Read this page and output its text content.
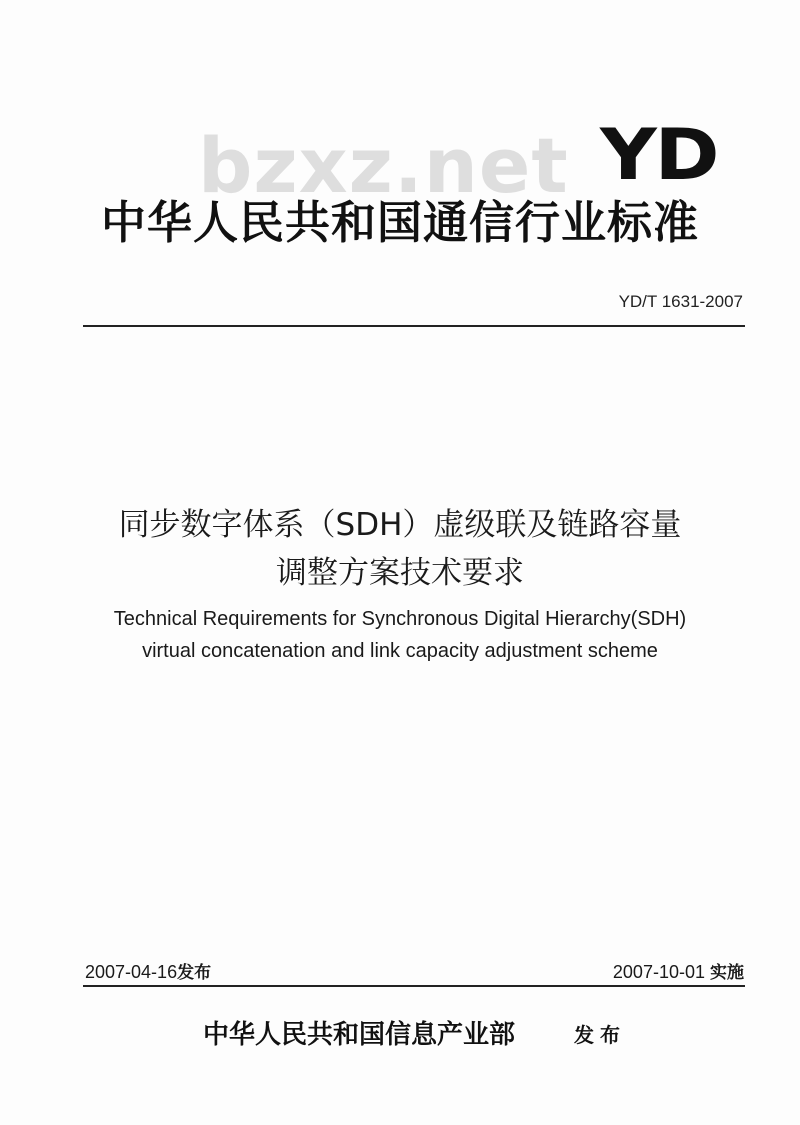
bzxz.net YD
中华人民共和国通信行业标准
YD/T 1631-2007
同步数字体系（SDH）虚级联及链路容量
调整方案技术要求
Technical Requirements for Synchronous Digital Hierarchy(SDH)
virtual concatenation and link capacity adjustment scheme
2007-04-16发布	2007-10-01 实施
中华人民共和国信息产业部	发布
